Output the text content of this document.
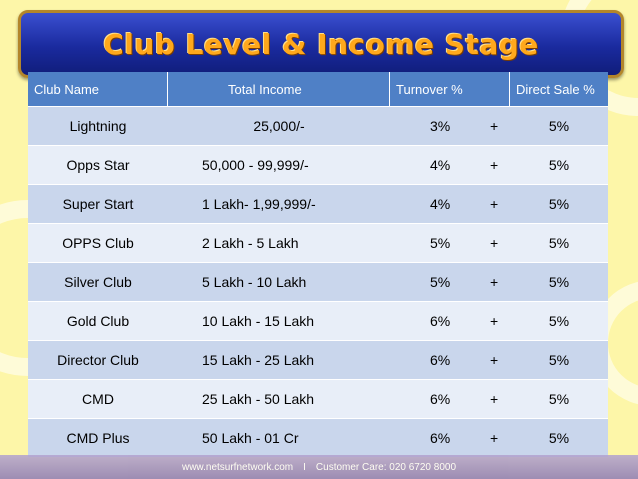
Club Level & Income Stage
Club Name	Total Income	Turnover %	Direct Sale %
Lightning	25,000/-	3% +	5%
Opps Star	50,000 - 99,999/-	4% +	5%
Super Start	1 Lakh- 1,99,999/-	4% +	5%
OPPS Club	2 Lakh - 5 Lakh	5% +	5%
Silver Club	5 Lakh - 10 Lakh	5% +	5%
Gold Club	10 Lakh - 15 Lakh	6% +	5%
Director Club	15 Lakh - 25 Lakh	6% +	5%
CMD	25 Lakh - 50 Lakh	6% +	5%
CMD Plus	50 Lakh - 01 Cr	6% +	5%
www.netsurfnetwork.com I Customer Care: 020 6720 8000
